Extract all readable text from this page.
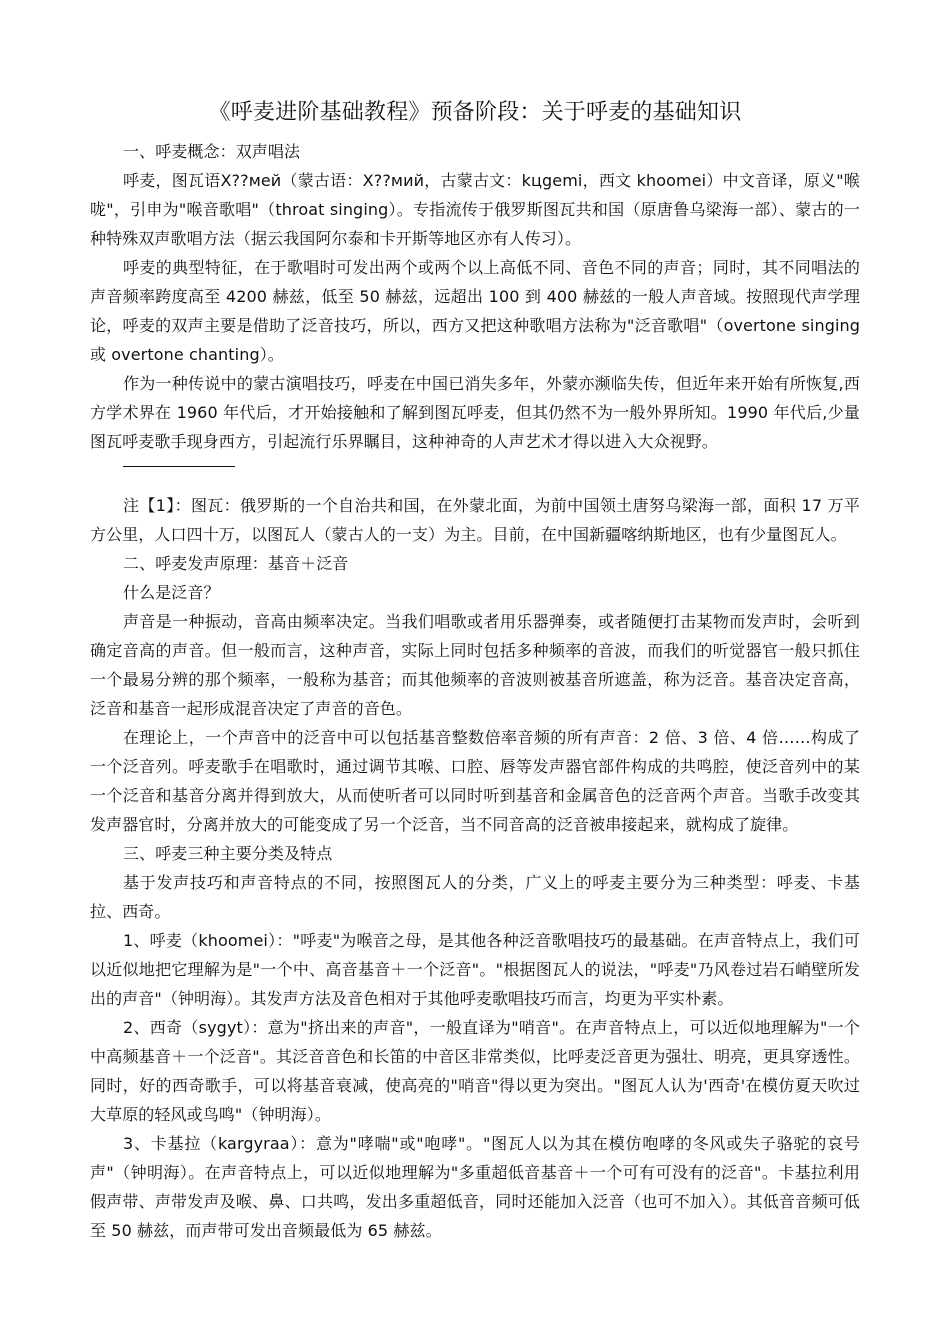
《呼麦进阶基础教程》预备阶段：关于呼麦的基础知识

一、呼麦概念：双声唱法

呼麦，图瓦语Х??мей（蒙古语：Х??мий，古蒙古文：kцgemi，西文 khoomei）中文音译，原义"喉咙"，引申为"喉音歌唱"（throat singing）。专指流传于俄罗斯图瓦共和国（原唐鲁乌梁海一部）、蒙古的一种特殊双声歌唱方法（据云我国阿尔泰和卡开斯等地区亦有人传习）。

呼麦的典型特征，在于歌唱时可发出两个或两个以上高低不同、音色不同的声音；同时，其不同唱法的声音频率跨度高至 4200 赫兹，低至 50 赫兹，远超出 100 到 400 赫兹的一般人声音域。按照现代声学理论，呼麦的双声主要是借助了泛音技巧，所以，西方又把这种歌唱方法称为"泛音歌唱"（overtone singing 或 overtone chanting）。

作为一种传说中的蒙古演唱技巧，呼麦在中国已消失多年，外蒙亦濒临失传，但近年来开始有所恢复,西方学术界在 1960 年代后，才开始接触和了解到图瓦呼麦，但其仍然不为一般外界所知。1990 年代后,少量图瓦呼麦歌手现身西方，引起流行乐界瞩目，这种神奇的人声艺术才得以进入大众视野。

注【1】：图瓦：俄罗斯的一个自治共和国，在外蒙北面，为前中国领土唐努乌梁海一部，面积 17 万平方公里，人口四十万，以图瓦人（蒙古人的一支）为主。目前，在中国新疆喀纳斯地区，也有少量图瓦人。

二、呼麦发声原理：基音＋泛音

什么是泛音？

声音是一种振动，音高由频率决定。当我们唱歌或者用乐器弹奏，或者随便打击某物而发声时，会听到确定音高的声音。但一般而言，这种声音，实际上同时包括多种频率的音波，而我们的听觉器官一般只抓住一个最易分辨的那个频率，一般称为基音；而其他频率的音波则被基音所遮盖，称为泛音。基音决定音高，泛音和基音一起形成混音决定了声音的音色。

在理论上，一个声音中的泛音中可以包括基音整数倍率音频的所有声音：2 倍、3 倍、4 倍……构成了一个泛音列。呼麦歌手在唱歌时，通过调节其喉、口腔、唇等发声器官部件构成的共鸣腔，使泛音列中的某一个泛音和基音分离并得到放大，从而使听者可以同时听到基音和金属音色的泛音两个声音。当歌手改变其发声器官时，分离并放大的可能变成了另一个泛音，当不同音高的泛音被串接起来，就构成了旋律。

三、呼麦三种主要分类及特点

基于发声技巧和声音特点的不同，按照图瓦人的分类，广义上的呼麦主要分为三种类型：呼麦、卡基拉、西奇。

1、呼麦（khoomei）："呼麦"为喉音之母，是其他各种泛音歌唱技巧的最基础。在声音特点上，我们可以近似地把它理解为是"一个中、高音基音＋一个泛音"。"根据图瓦人的说法，"呼麦"乃风卷过岩石峭壁所发出的声音"（钟明海）。其发声方法及音色相对于其他呼麦歌唱技巧而言，均更为平实朴素。

2、西奇（sygyt）：意为"挤出来的声音"，一般直译为"哨音"。在声音特点上，可以近似地理解为"一个中高频基音＋一个泛音"。其泛音音色和长笛的中音区非常类似，比呼麦泛音更为强壮、明亮，更具穿透性。同时，好的西奇歌手，可以将基音衰减，使高亮的"哨音"得以更为突出。"图瓦人认为'西奇'在模仿夏天吹过大草原的轻风或鸟鸣"（钟明海）。

3、卡基拉（kargyraa）：意为"哮喘"或"咆哮"。"图瓦人以为其在模仿咆哮的冬风或失子骆驼的哀号声"（钟明海）。在声音特点上，可以近似地理解为"多重超低音基音＋一个可有可没有的泛音"。卡基拉利用假声带、声带发声及喉、鼻、口共鸣，发出多重超低音，同时还能加入泛音（也可不加入）。其低音音频可低至 50 赫兹，而声带可发出音频最低为 65 赫兹。
